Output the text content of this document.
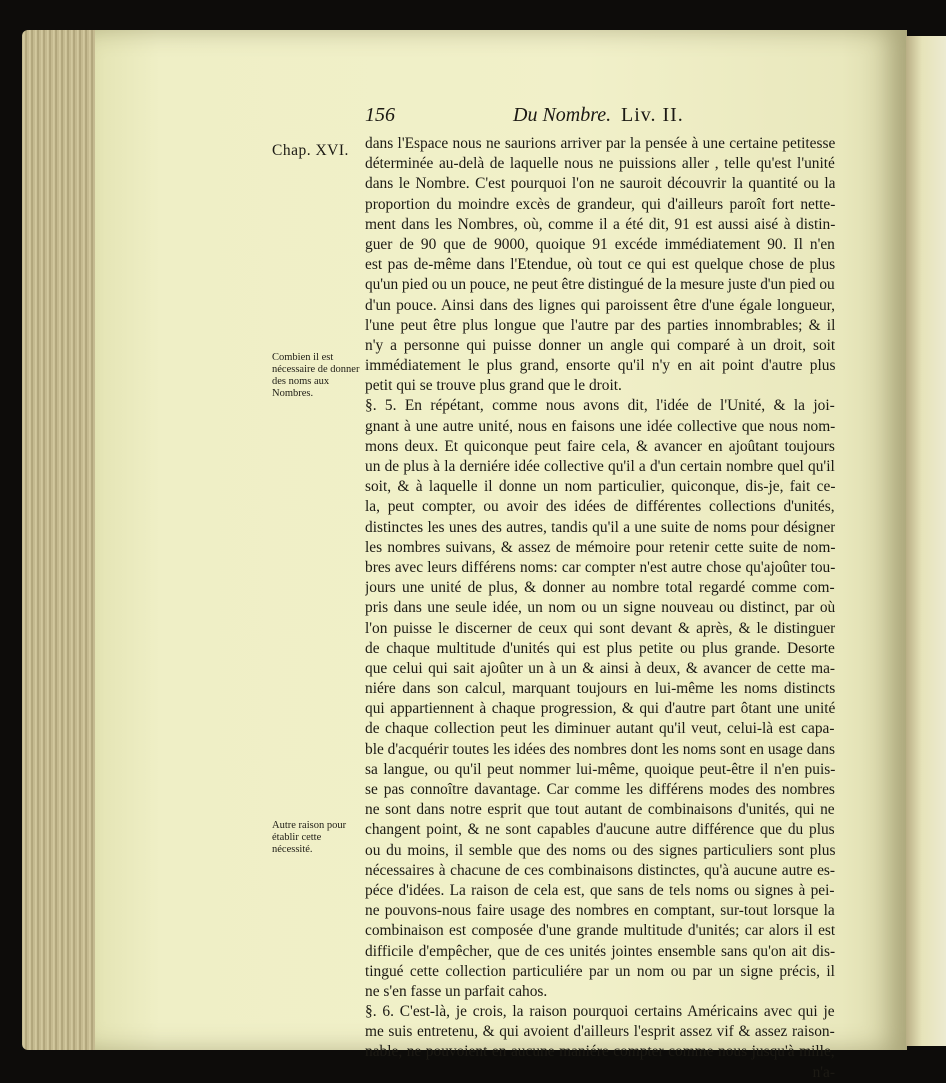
156	Du Nombre. Liv. II.
Chap. XVI.
Combien il est nécessaire de donner des noms aux Nombres.
Autre raison pour établir cette nécessité.
dans l'Espace nous ne saurions arriver par la pensée à une certaine petitesse
déterminée au-delà de laquelle nous ne puissions aller , telle qu'est l'unité
dans le Nombre. C'est pourquoi l'on ne sauroit découvrir la quantité ou la
proportion du moindre excès de grandeur, qui d'ailleurs paroît fort nette-
ment dans les Nombres, où, comme il a été dit, 91 est aussi aisé à distin-
guer de 90 que de 9000, quoique 91 excéde immédiatement 90. Il n'en
est pas de-même dans l'Etendue, où tout ce qui est quelque chose de plus
qu'un pied ou un pouce, ne peut être distingué de la mesure juste d'un pied ou
d'un pouce. Ainsi dans des lignes qui paroissent être d'une égale longueur,
l'une peut être plus longue que l'autre par des parties innombrables; & il
n'y a personne qui puisse donner un angle qui comparé à un droit, soit
immédiatement le plus grand, ensorte qu'il n'y en ait point d'autre plus
petit qui se trouve plus grand que le droit.
§. 5. En répétant, comme nous avons dit, l'idée de l'Unité, & la joi-
gnant à une autre unité, nous en faisons une idée collective que nous nom-
mons deux. Et quiconque peut faire cela, & avancer en ajoûtant toujours
un de plus à la derniére idée collective qu'il a d'un certain nombre quel qu'il
soit, & à laquelle il donne un nom particulier, quiconque, dis-je, fait ce-
la, peut compter, ou avoir des idées de différentes collections d'unités,
distinctes les unes des autres, tandis qu'il a une suite de noms pour désigner
les nombres suivans, & assez de mémoire pour retenir cette suite de nom-
bres avec leurs différens noms: car compter n'est autre chose qu'ajoûter tou-
jours une unité de plus, & donner au nombre total regardé comme com-
pris dans une seule idée, un nom ou un signe nouveau ou distinct, par où
l'on puisse le discerner de ceux qui sont devant & après, & le distinguer
de chaque multitude d'unités qui est plus petite ou plus grande. Desorte
que celui qui sait ajoûter un à un & ainsi à deux, & avancer de cette ma-
niére dans son calcul, marquant toujours en lui-même les noms distincts
qui appartiennent à chaque progression, & qui d'autre part ôtant une unité
de chaque collection peut les diminuer autant qu'il veut, celui-là est capa-
ble d'acquérir toutes les idées des nombres dont les noms sont en usage dans
sa langue, ou qu'il peut nommer lui-même, quoique peut-être il n'en puis-
se pas connoître davantage. Car comme les différens modes des nombres
ne sont dans notre esprit que tout autant de combinaisons d'unités, qui ne
changent point, & ne sont capables d'aucune autre différence que du plus
ou du moins, il semble que des noms ou des signes particuliers sont plus
nécessaires à chacune de ces combinaisons distinctes, qu'à aucune autre es-
péce d'idées. La raison de cela est, que sans de tels noms ou signes à pei-
ne pouvons-nous faire usage des nombres en comptant, sur-tout lorsque la
combinaison est composée d'une grande multitude d'unités; car alors il est
difficile d'empêcher, que de ces unités jointes ensemble sans qu'on ait dis-
tingué cette collection particuliére par un nom ou par un signe précis, il
ne s'en fasse un parfait cahos.
§. 6. C'est-là, je crois, la raison pourquoi certains Américains avec qui je
me suis entretenu, & qui avoient d'ailleurs l'esprit assez vif & assez raison-
nable, ne pouvoient en aucune maniére compter comme nous jusqu'à mille,
n'a-
